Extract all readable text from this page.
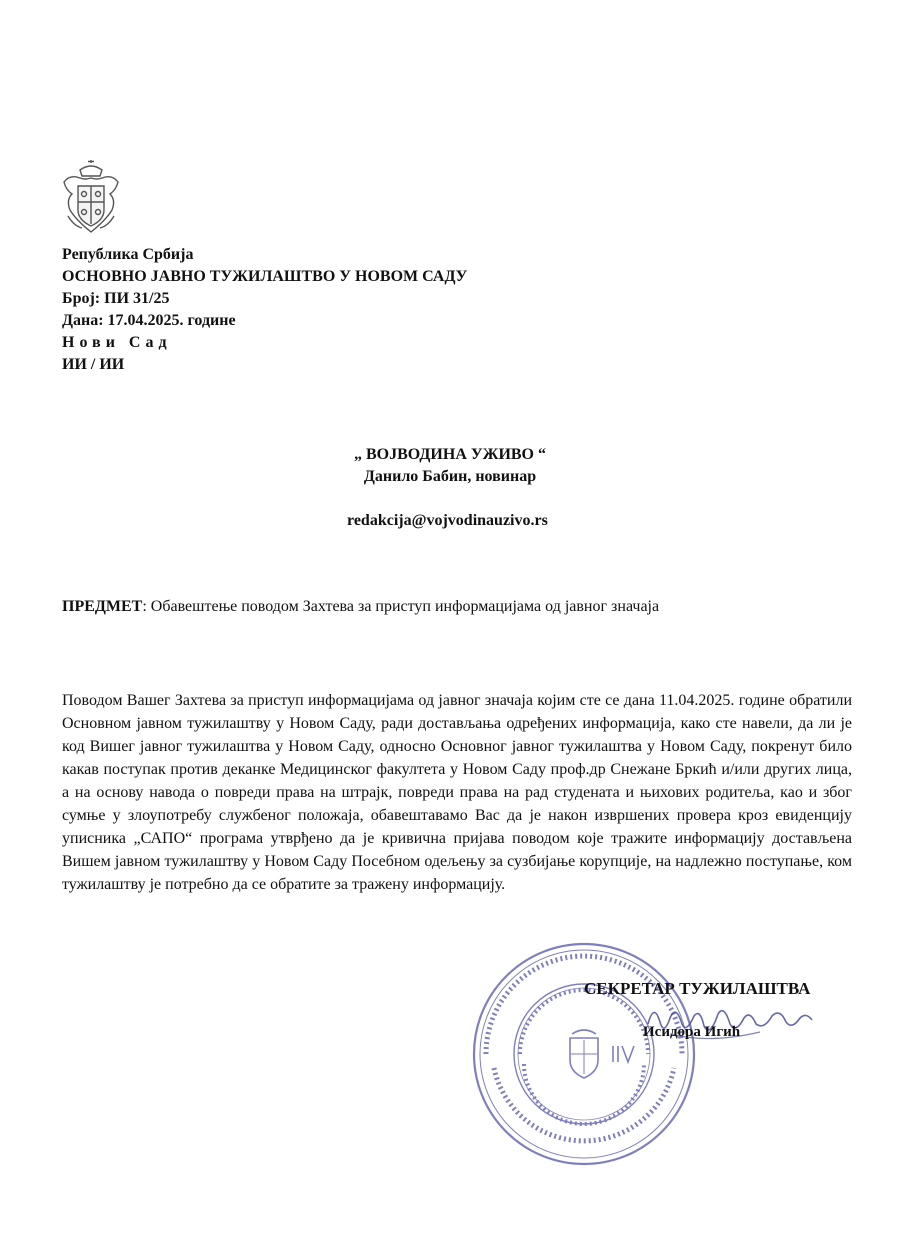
Република Србија
ОСНОВНО ЈАВНО ТУЖИЛАШТВО У НОВОМ САДУ
Број: ПИ 31/25
Дана: 17.04.2025. године
Нови Сад
ИИ / ИИ
„ ВОЈВОДИНА УЖИВО “
Данило Бабин, новинар
redakcija@vojvodinauzivo.rs
ПРЕДМЕТ: Обавештење поводом Захтева за приступ информацијама од јавног значаја
Поводом Вашег Захтева за приступ информацијама од јавног значаја којим сте се дана 11.04.2025. године обратили Основном јавном тужилаштву у Новом Саду, ради достављања одређених информација, како сте навели, да ли је код Вишег јавног тужилаштва у Новом Саду, односно Основног јавног тужилаштва у Новом Саду, покренут било какав поступак против деканке Медицинског факултета у Новом Саду проф.др Снежане Бркић и/или других лица, а на основу навода о повреди права на штрајк, повреди права на рад студената и њихових родитеља, као и због сумње у злоупотребу службеног положаја, обавештавамо Вас да је након извршених провера кроз евиденцију уписника „САПО“ програма утврђено да је кривична пријава поводом које тражите информацију достављена Вишем јавном тужилаштву у Новом Саду Посебном одељењу за сузбијање корупције, на надлежно поступање, ком тужилаштву је потребно да се обратите за тражену информацију.
СЕКРЕТАР ТУЖИЛАШТВА
Исидора Игић
